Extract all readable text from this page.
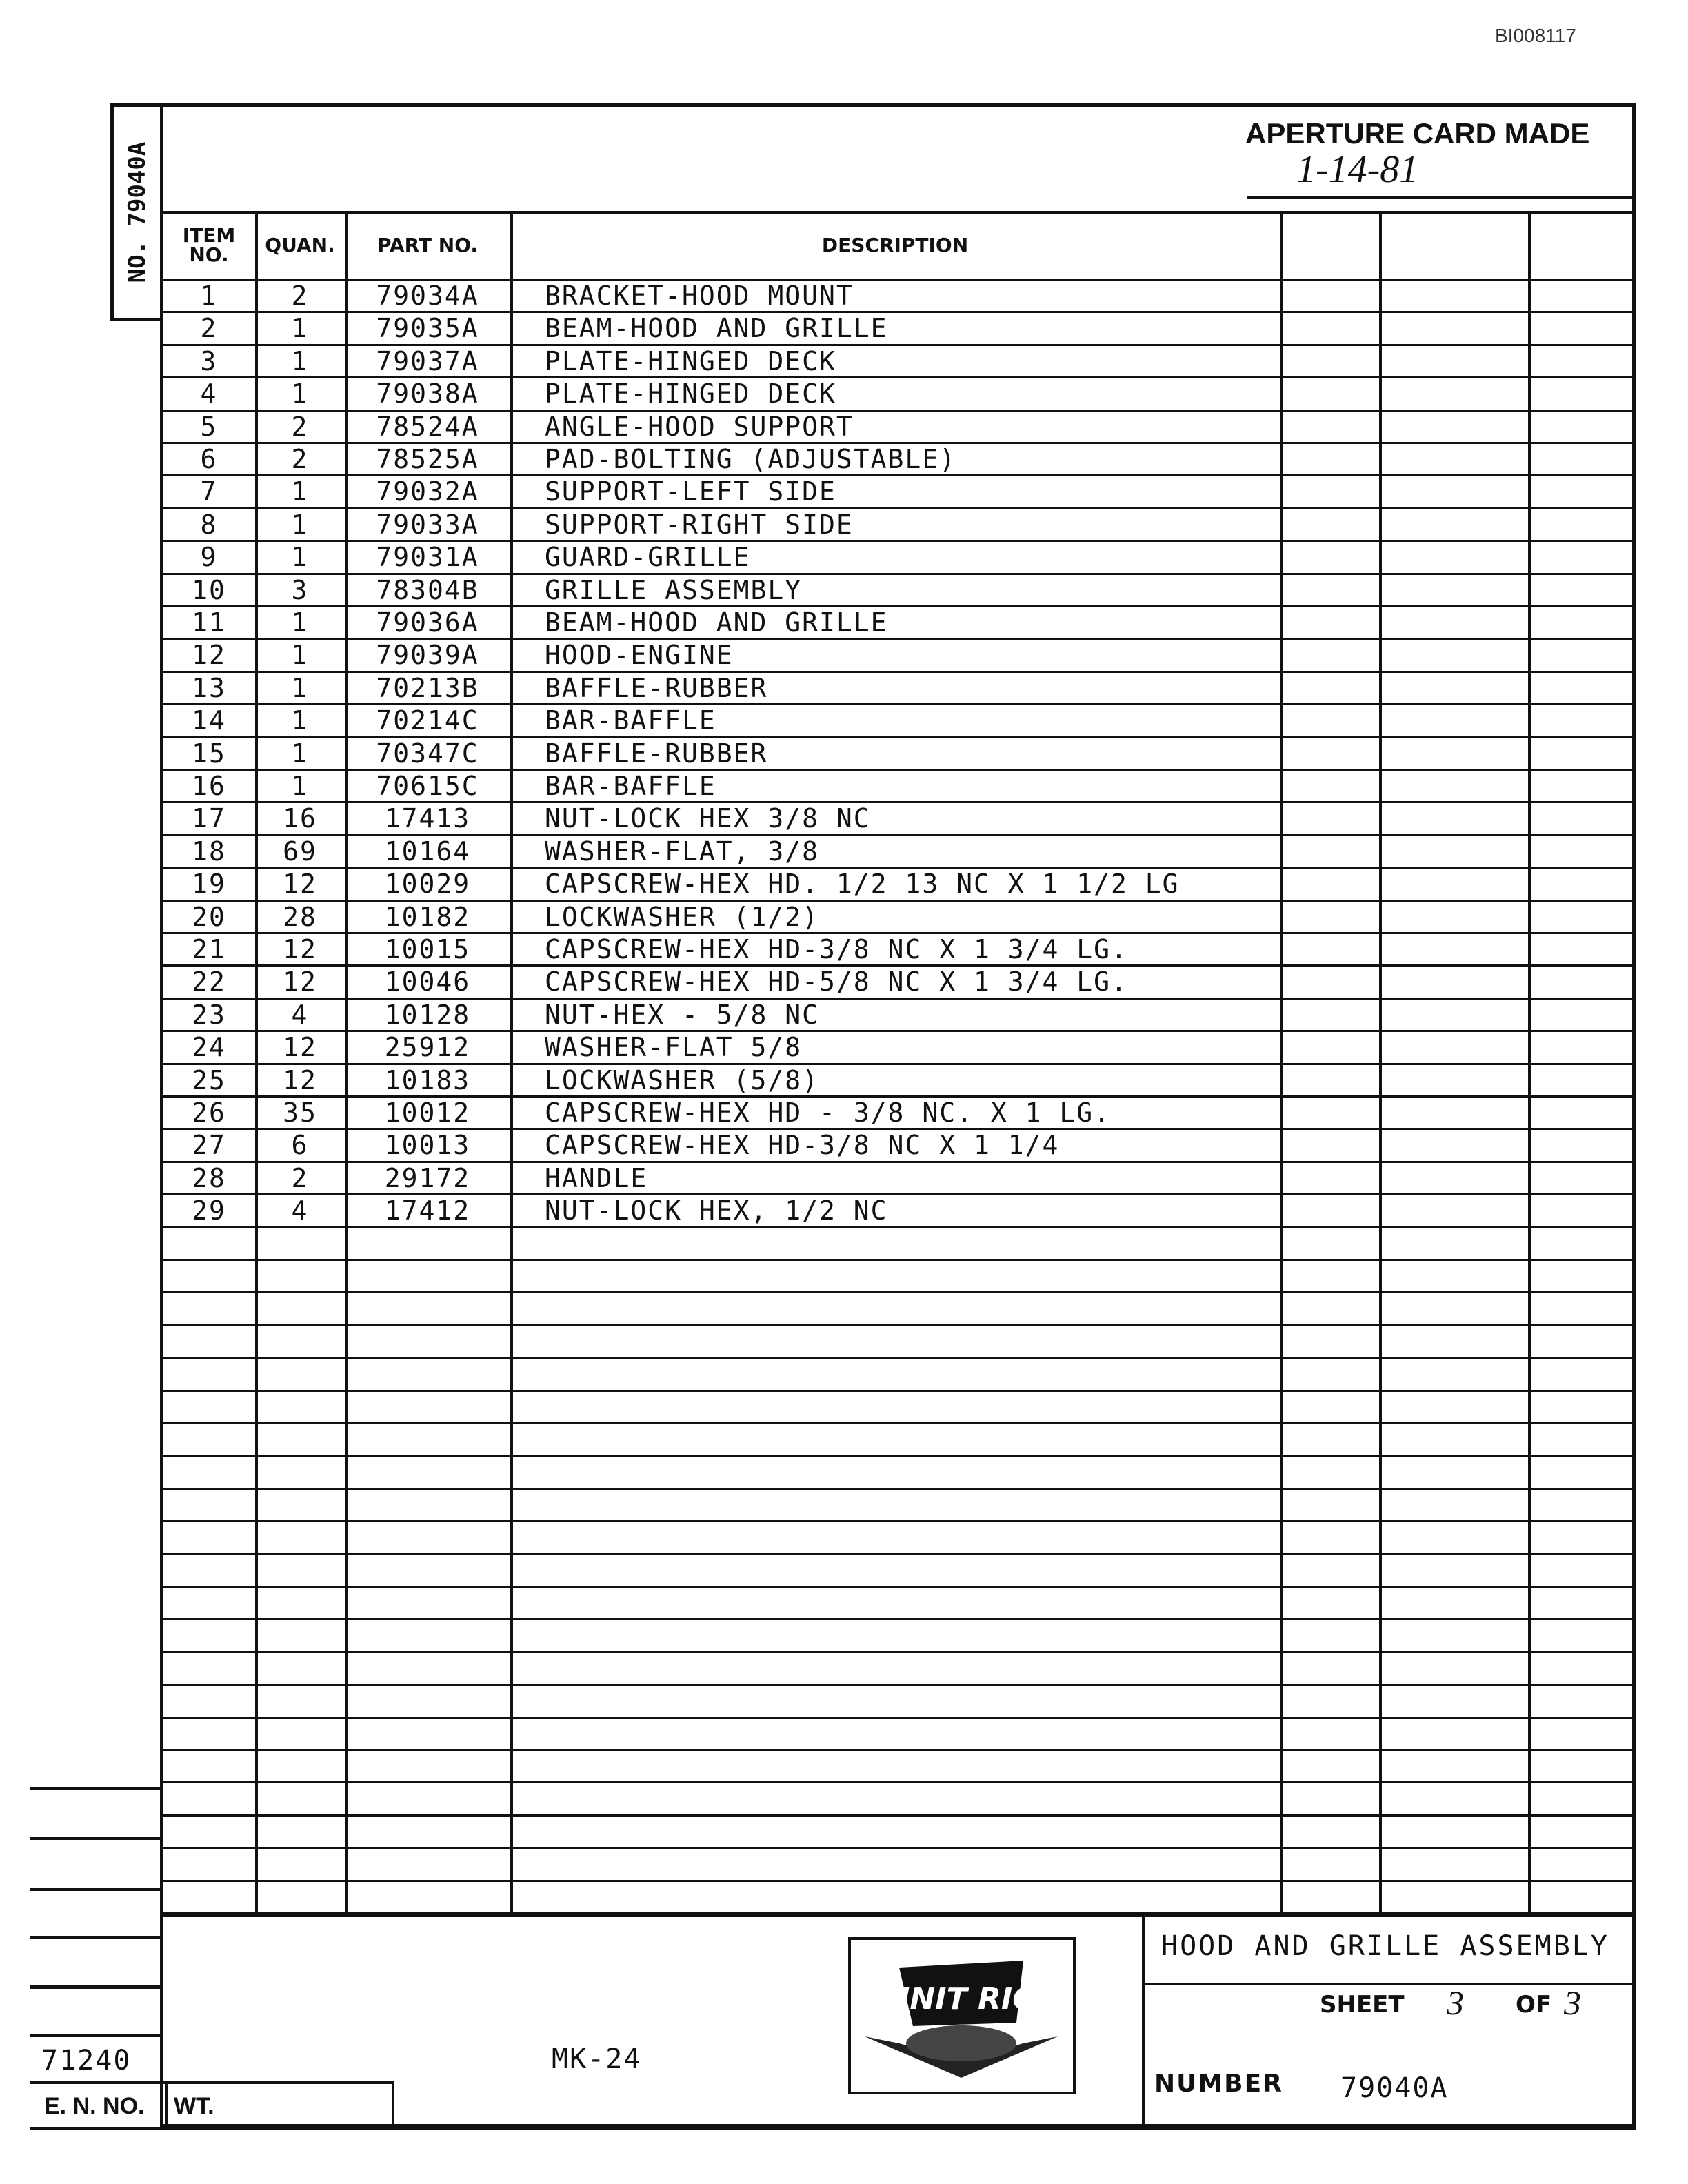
BI008117
NO. 79040A
APERTURE CARD MADE
1-14-81
ITEM NO.	QUAN.	PART NO.	DESCRIPTION
1	2	79034A	BRACKET-HOOD MOUNT
2	1	79035A	BEAM-HOOD AND GRILLE
3	1	79037A	PLATE-HINGED DECK
4	1	79038A	PLATE-HINGED DECK
5	2	78524A	ANGLE-HOOD SUPPORT
6	2	78525A	PAD-BOLTING (ADJUSTABLE)
7	1	79032A	SUPPORT-LEFT SIDE
8	1	79033A	SUPPORT-RIGHT SIDE
9	1	79031A	GUARD-GRILLE
10	3	78304B	GRILLE ASSEMBLY
11	1	79036A	BEAM-HOOD AND GRILLE
12	1	79039A	HOOD-ENGINE
13	1	70213B	BAFFLE-RUBBER
14	1	70214C	BAR-BAFFLE
15	1	70347C	BAFFLE-RUBBER
16	1	70615C	BAR-BAFFLE
17	16	17413	NUT-LOCK HEX 3/8 NC
18	69	10164	WASHER-FLAT, 3/8
19	12	10029	CAPSCREW-HEX HD. 1/2 13 NC X 1 1/2 LG
20	28	10182	LOCKWASHER (1/2)
21	12	10015	CAPSCREW-HEX HD-3/8 NC X 1 3/4 LG.
22	12	10046	CAPSCREW-HEX HD-5/8 NC X 1 3/4 LG.
23	4	10128	NUT-HEX - 5/8 NC
24	12	25912	WASHER-FLAT 5/8
25	12	10183	LOCKWASHER (5/8)
26	35	10012	CAPSCREW-HEX HD - 3/8 NC. X 1 LG.
27	6	10013	CAPSCREW-HEX HD-3/8 NC X 1 1/4
28	2	29172	HANDLE
29	4	17412	NUT-LOCK HEX, 1/2 NC
HOOD AND GRILLE ASSEMBLY
SHEET 3 OF 3
NUMBER 79040A
MK-24
UNIT RIG
71240
E. N. NO. WT.
